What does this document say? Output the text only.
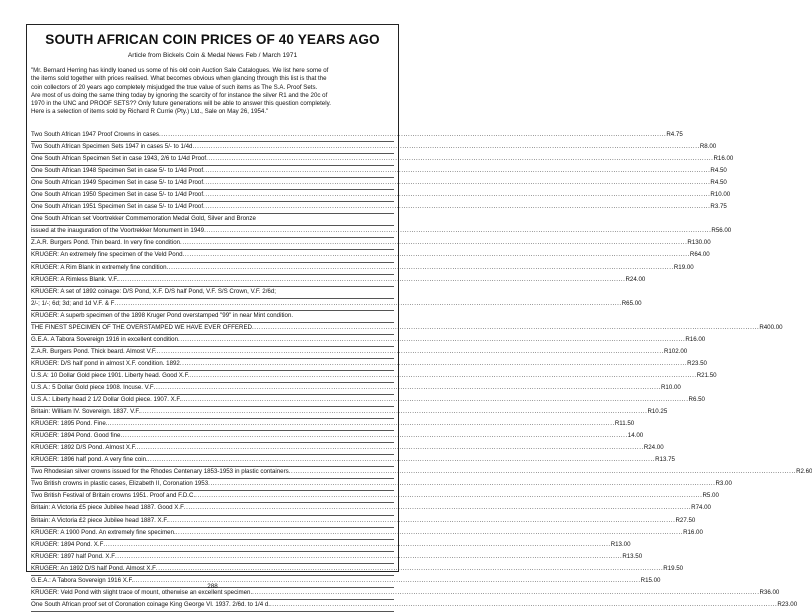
SOUTH AFRICAN COIN PRICES OF 40 YEARS AGO
Article from Bickels Coin & Medal News Feb / March 1971

"Mr. Bernard Herring has kindly loaned us some of his old coin Auction Sale Catalogues. We list here some of

the items sold together with prices realised. What becomes obvious when glancing through this list is that the

coin collectors of 20 years ago completely misjudged the true value of such items as The S.A. Proof Sets.

Are most of us doing the same thing today by ignoring the scarcity of for instance the silver R1 and the 20c of

1970 in the UNC and PROOF SETS?? Only future generations will be able to answer this question completely.

Here is a selection of items sold by Richard R Currie (Pty.) Ltd., Sale on May 26, 1954."

Two South African 1947 Proof Crowns in cases ............................................................................................................................................................................................................................ R4.75
Two South African Specimen Sets 1947 in cases 5/- to 1/4d ............................................................................................................................................................................................................................ R8.00
One South African Specimen Set in case 1943, 2/6 to 1/4d Proof ............................................................................................................................................................................................................................ R16.00
One South African 1948 Specimen Set in case 5/- to 1/4d Proof ............................................................................................................................................................................................................................ R4.50
One South African 1949 Specimen Set in case 5/- to 1/4d Proof ............................................................................................................................................................................................................................ R4.50
One South African 1950 Specimen Set in case 5/- to 1/4d Proof ............................................................................................................................................................................................................................ R10.00
One South African 1951 Specimen Set in case 5/- to 1/4d Proof ............................................................................................................................................................................................................................ R3.75
One South African set Voortrekker Commemoration Medal Gold, Silver and Bronze
issued at the inauguration of the Voortrekker Monument in 1949 ............................................................................................................................................................................................................................ R56.00
Z.A.R. Burgers Pond. Thin beard. In very fine condition ............................................................................................................................................................................................................................ R130.00
KRUGER: An extremely fine specimen of the Veld Pond ............................................................................................................................................................................................................................ R64.00
KRUGER: A Rim Blank in extremely fine condition ............................................................................................................................................................................................................................ R19.00
KRUGER: A Rimless Blank. V.F. ............................................................................................................................................................................................................................ R24.00
KRUGER: A set of 1892 coinage: D/S Pond, X.F. D/S half Pond, V.F. S/S Crown, V.F. 2/6d;
2/-; 1/-; 6d; 3d; and 1d V.F. & F ............................................................................................................................................................................................................................ R65.00
KRUGER: A superb specimen of the 1898 Kruger Pond overstamped "99" in near Mint condition.
THE FINEST SPECIMEN OF THE OVERSTAMPED WE HAVE EVER OFFERED ............................................................................................................................................................................................................................ R400.00
G.E.A. A Tabora Sovereign 1916 in excellent condition ............................................................................................................................................................................................................................ R16.00
Z.A.R. Burgers Pond. Thick beard. Almost V.F. ............................................................................................................................................................................................................................ R102.00
KRUGER: D/S half pond in almost X.F. condition. 1892 ............................................................................................................................................................................................................................ R23.50
U.S.A: 10 Dollar Gold piece 1901. Liberty head. Good X.F. ............................................................................................................................................................................................................................ R21.50
U.S.A.: 5 Dollar Gold piece 1908. Incuse. V.F ............................................................................................................................................................................................................................ R10.00
U.S.A.: Liberty head 2 1/2 Dollar Gold piece. 1907. X.F. ............................................................................................................................................................................................................................ R6.50
Britain: William IV. Sovereign. 1837. V.F. ............................................................................................................................................................................................................................ R10.25
KRUGER: 1895 Pond. Fine. ............................................................................................................................................................................................................................ R11.50
KRUGER: 1894 Pond. Good fine ............................................................................................................................................................................................................................ 14.00
KRUGER: 1892 D/S Pond. Almost X.F. ............................................................................................................................................................................................................................ R24.00
KRUGER: 1896 half pond. A very fine coin. ............................................................................................................................................................................................................................ R13.75
Two Rhodesian silver crowns issued for the Rhodes Centenary 1853-1953 in plastic containers ............................................................................................................................................................................................................................ R2.60
Two British crowns in plastic cases, Elizabeth II, Coronation 1953 ............................................................................................................................................................................................................................ R3.00
Two British Festival of Britain crowns 1951. Proof and F.D.C. ............................................................................................................................................................................................................................ R5.00
Britain: A Victoria £5 piece Jubilee head 1887. Good X.F ............................................................................................................................................................................................................................ R74.00
Britain: A Victoria £2 piece Jubilee head 1887. X.F. ............................................................................................................................................................................................................................ R27.50
KRUGER: A 1900 Pond. An extremely fine specimen. ............................................................................................................................................................................................................................ R16.00
KRUGER: 1894 Pond. X.F ............................................................................................................................................................................................................................ R13.00
KRUGER: 1897 half Pond. X.F ............................................................................................................................................................................................................................ R13.50
KRUGER: An 1892 D/S half Pond. Almost X.F ............................................................................................................................................................................................................................ R19.50
G.E.A.: A Tabora Sovereign 1916 X.F. ............................................................................................................................................................................................................................ R15.00
KRUGER: Veld Pond with slight trace of mount, otherwise an excellent specimen. ............................................................................................................................................................................................................................ R36.00
One South African proof set of Coronation coinage King George VI. 1937. 2/6d. to 1/4 d. ............................................................................................................................................................................................................................ R23.00
288
